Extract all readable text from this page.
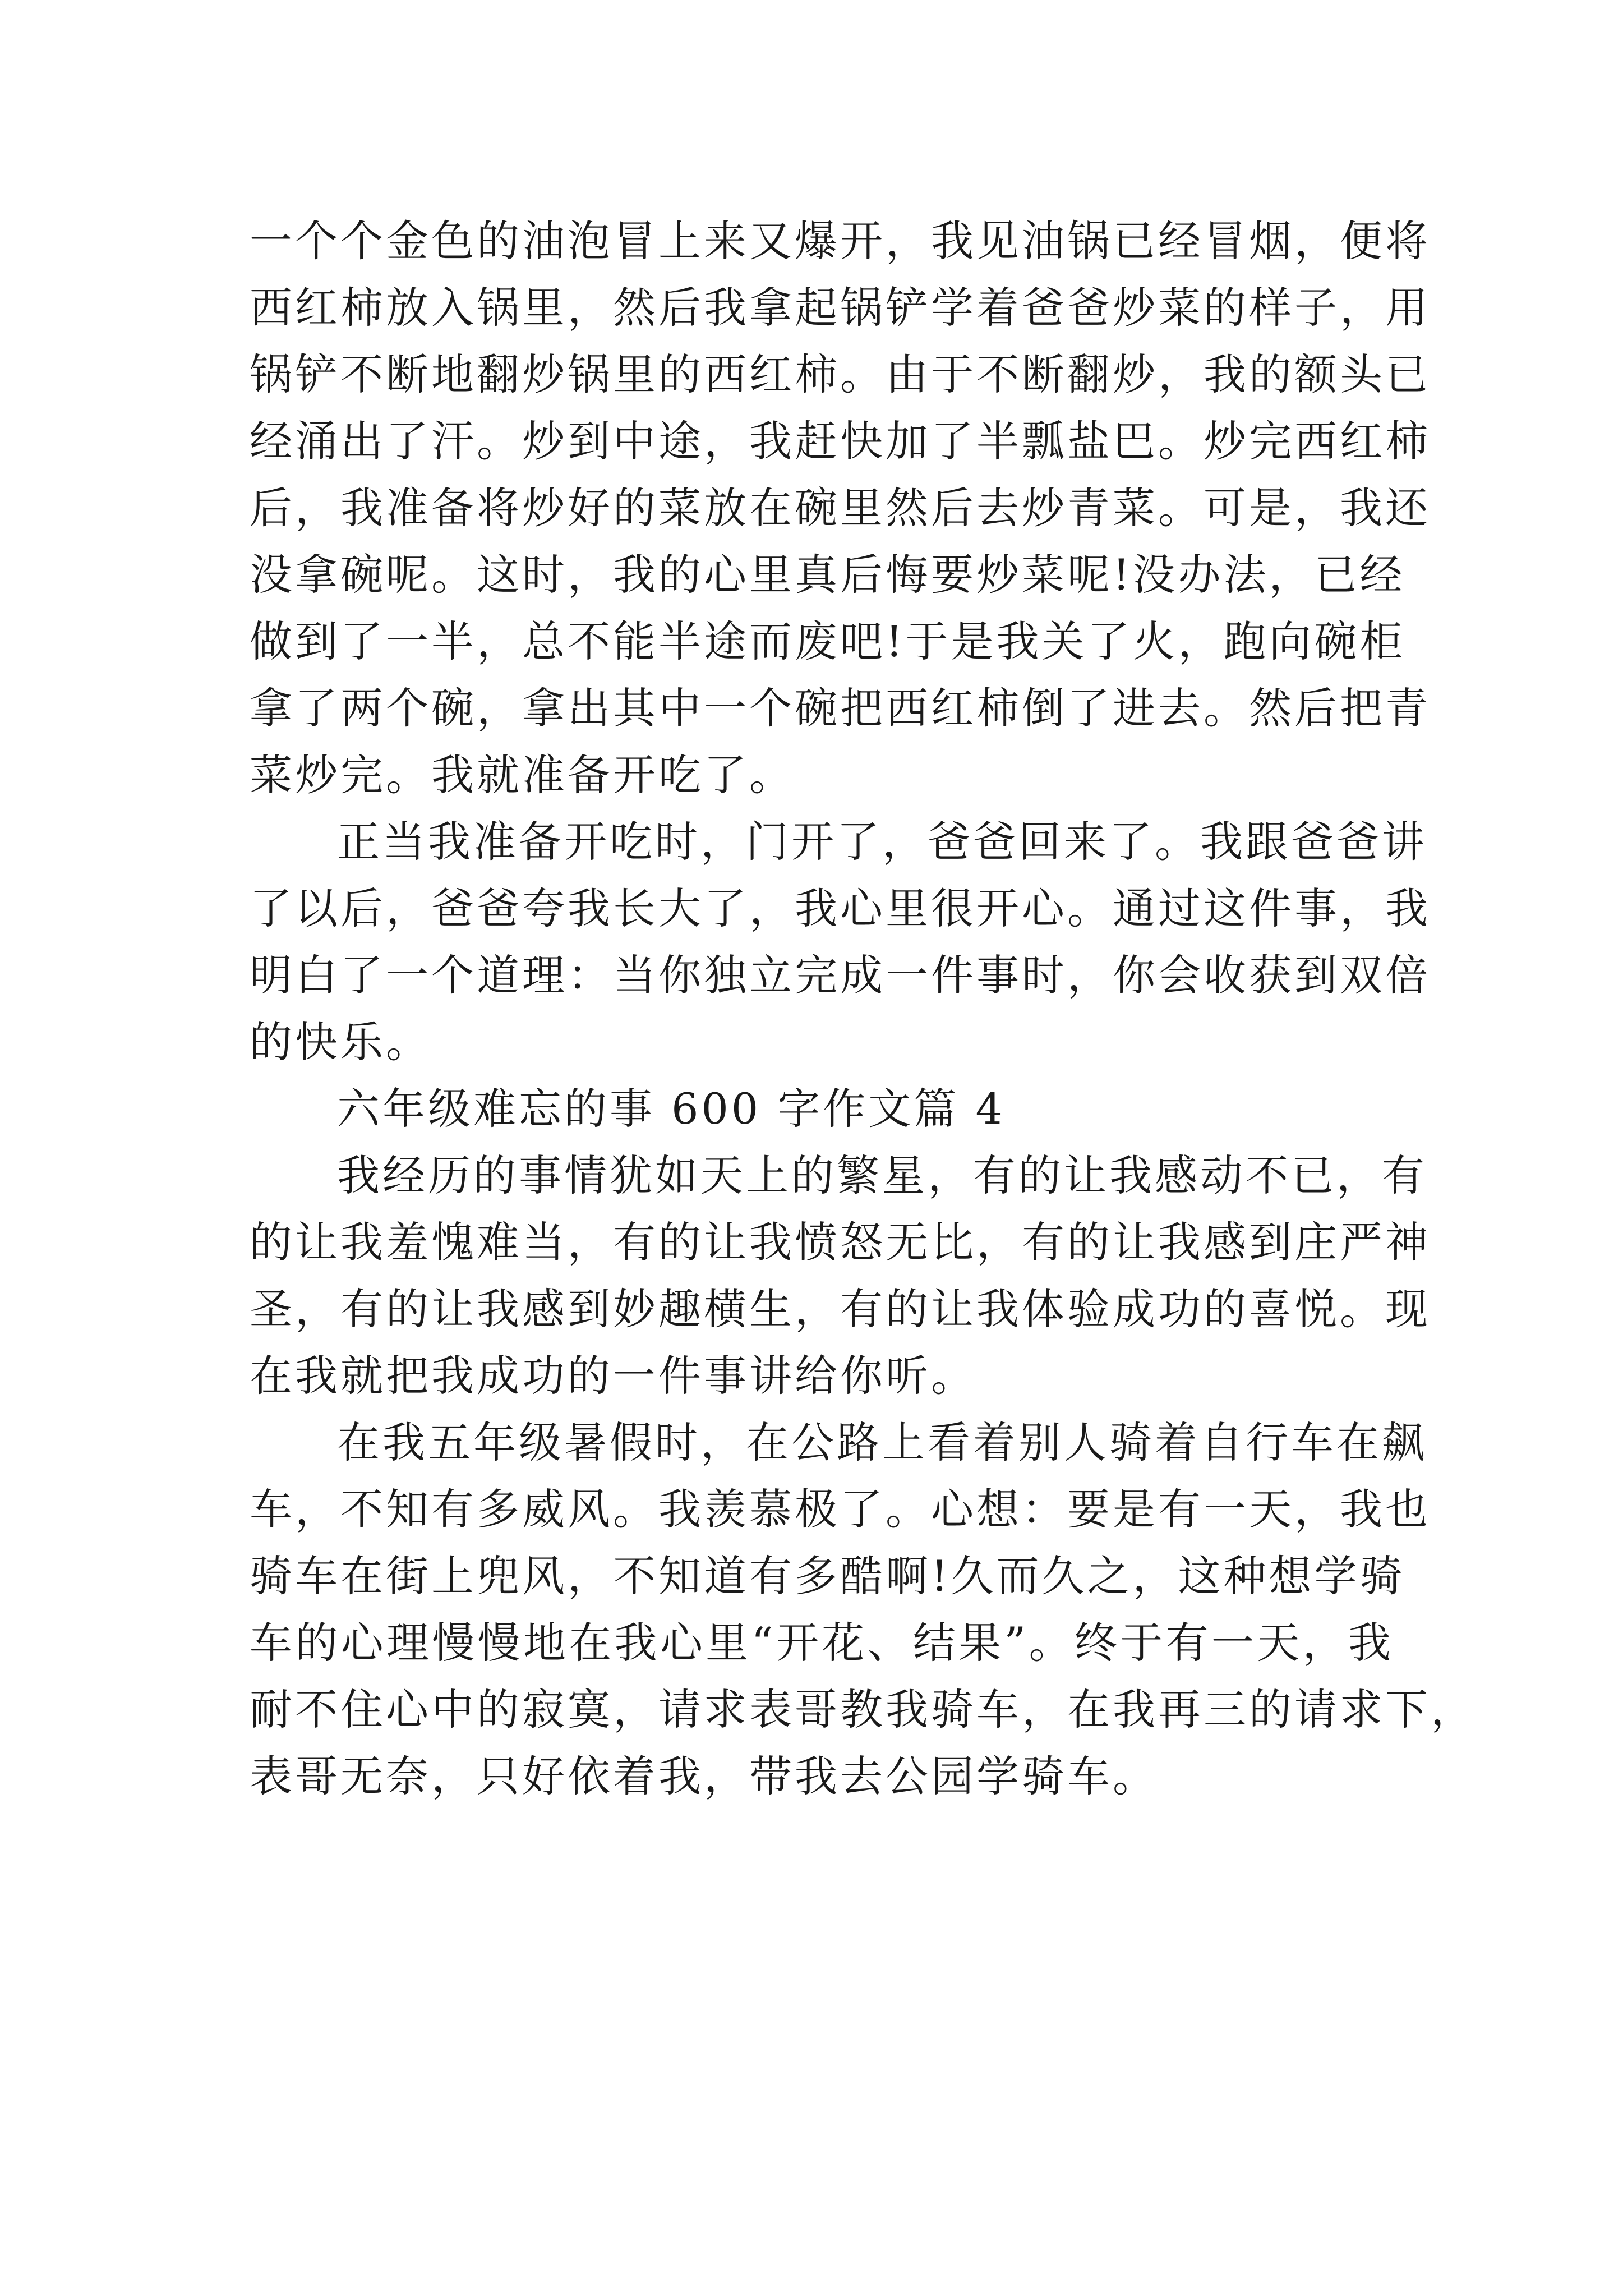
一个个金色的油泡冒上来又爆开，我见油锅已经冒烟，便将
西红柿放入锅里，然后我拿起锅铲学着爸爸炒菜的样子，用
锅铲不断地翻炒锅里的西红柿。由于不断翻炒，我的额头已
经涌出了汗。炒到中途，我赶快加了半瓢盐巴。炒完西红柿
后，我准备将炒好的菜放在碗里然后去炒青菜。可是，我还
没拿碗呢。这时，我的心里真后悔要炒菜呢!没办法，已经
做到了一半，总不能半途而废吧!于是我关了火，跑向碗柜
拿了两个碗，拿出其中一个碗把西红柿倒了进去。然后把青
菜炒完。我就准备开吃了。
正当我准备开吃时，门开了，爸爸回来了。我跟爸爸讲
了以后，爸爸夸我长大了，我心里很开心。通过这件事，我
明白了一个道理：当你独立完成一件事时，你会收获到双倍
的快乐。
六年级难忘的事 600 字作文篇 4
我经历的事情犹如天上的繁星，有的让我感动不已，有
的让我羞愧难当，有的让我愤怒无比，有的让我感到庄严神
圣，有的让我感到妙趣横生，有的让我体验成功的喜悦。现
在我就把我成功的一件事讲给你听。
在我五年级暑假时，在公路上看着别人骑着自行车在飙
车，不知有多威风。我羡慕极了。心想：要是有一天，我也
骑车在街上兜风，不知道有多酷啊!久而久之，这种想学骑
车的心理慢慢地在我心里“开花、结果”。终于有一天，我
耐不住心中的寂寞，请求表哥教我骑车，在我再三的请求下，
表哥无奈，只好依着我，带我去公园学骑车。
